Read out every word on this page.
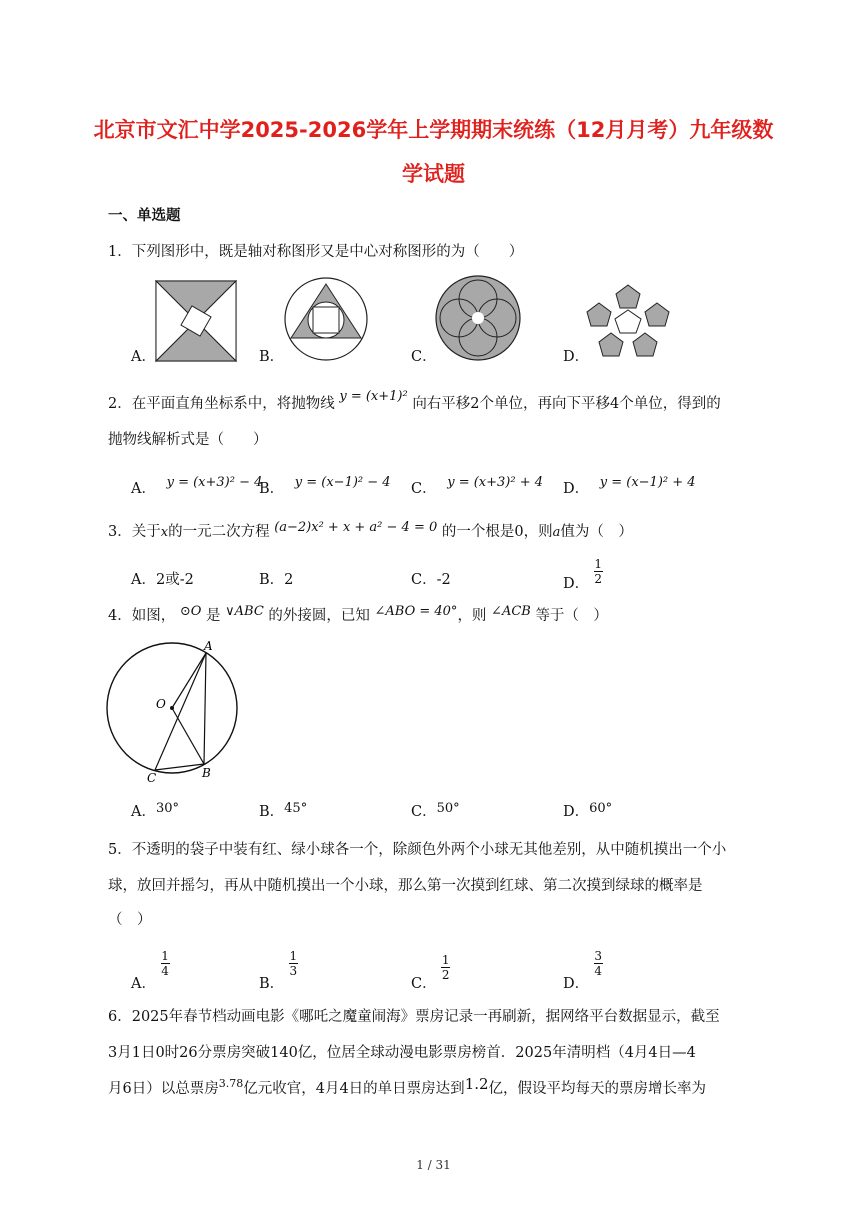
北京市文汇中学2025-2026学年上学期期末统练（12月月考）九年级数
学试题
一、单选题
1．下列图形中，既是轴对称图形又是中心对称图形的为（　　）
A．	B．	C．	D．
2．在平面直角坐标系中，将抛物线 y = (x+1)² 向右平移2个单位，再向下平移4个单位，得到的
抛物线解析式是（　　）
A． y = (x+3)² − 4
B． y = (x−1)² − 4 C． y = (x+3)² + 4 D． y = (x−1)² + 4
3．关于x的一元二次方程 (a−2)x² + x + a² − 4 = 0 的一个根是0，则a值为（　）
A．2或-2	B．2	C．-2	D． $\frac{1}{2}$
4．如图， ⊙O 是 ∨ABC 的外接圆，已知 ∠ABO = 40°，则 ∠ACB 等于（　）
A
O
B
C
A．30°	B．45°	C．50°	D．60°
5．不透明的袋子中装有红、绿小球各一个，除颜色外两个小球无其他差别，从中随机摸出一个小
球，放回并摇匀，再从中随机摸出一个小球，那么第一次摸到红球、第二次摸到绿球的概率是
（　）
A．
$\frac{1}{4}$
B．
$\frac{1}{3}$
C．
$\frac{1}{2}$
D．
$\frac{3}{4}$
6．2025年春节档动画电影《哪吒之魔童闹海》票房记录一再刷新，据网络平台数据显示，截至
3月1日0时26分票房突破140亿，位居全球动漫电影票房榜首．2025年清明档（4月4日—4
月6日）以总票房$^{3.78}$亿元收官，4月4日的单日票房达到1.2亿，假设平均每天的票房增长率为
1 / 31
